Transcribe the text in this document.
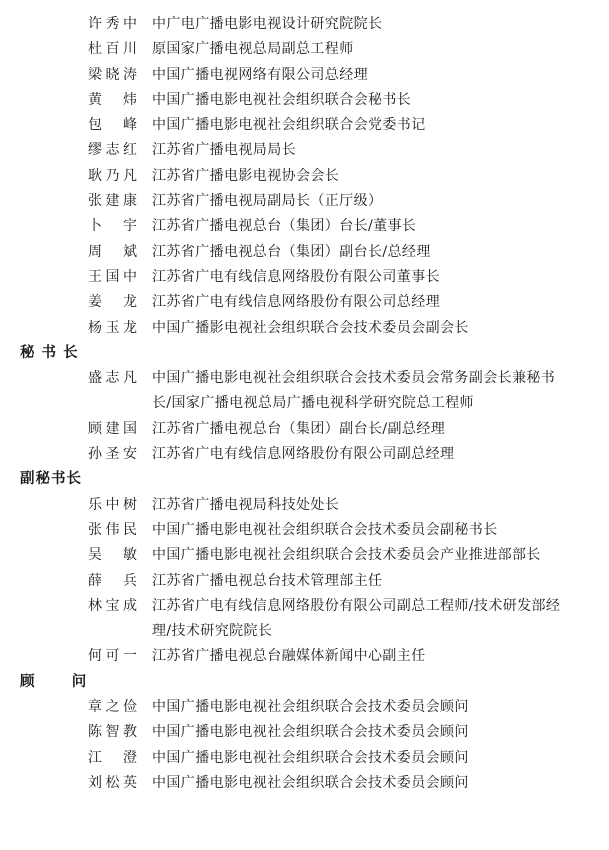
许秀中 中广电广播电影电视设计研究院院长
杜百川 原国家广播电视总局副总工程师
梁晓涛 中国广播电视网络有限公司总经理
黄 炜 中国广播电影电视社会组织联合会秘书长
包 峰 中国广播电影电视社会组织联合会党委书记
缪志红 江苏省广播电视局局长
耿乃凡 江苏省广播电影电视协会会长
张建康 江苏省广播电视局副局长（正厅级）
卜 宇 江苏省广播电视总台（集团）台长/董事长
周 斌 江苏省广播电视总台（集团）副台长/总经理
王国中 江苏省广电有线信息网络股份有限公司董事长
姜 龙 江苏省广电有线信息网络股份有限公司总经理
杨玉龙 中国广播影电视社会组织联合会技术委员会副会长
秘 书 长
盛志凡 中国广播电影电视社会组织联合会技术委员会常务副会长兼秘书长/国家广播电视总局广播电视科学研究院总工程师
顾建国 江苏省广播电视总台（集团）副台长/副总经理
孙圣安 江苏省广电有线信息网络股份有限公司副总经理
副秘书长
乐中树 江苏省广播电视局科技处处长
张伟民 中国广播电影电视社会组织联合会技术委员会副秘书长
吴 敏 中国广播电影电视社会组织联合会技术委员会产业推进部部长
薛 兵 江苏省广播电视总台技术管理部主任
林宝成 江苏省广电有线信息网络股份有限公司副总工程师/技术研发部经理/技术研究院院长
何可一 江苏省广播电视总台融媒体新闻中心副主任
顾      问
章之俭 中国广播电影电视社会组织联合会技术委员会顾问
陈智教 中国广播电影电视社会组织联合会技术委员会顾问
江 澄 中国广播电影电视社会组织联合会技术委员会顾问
刘松英 中国广播电影电视社会组织联合会技术委员会顾问
